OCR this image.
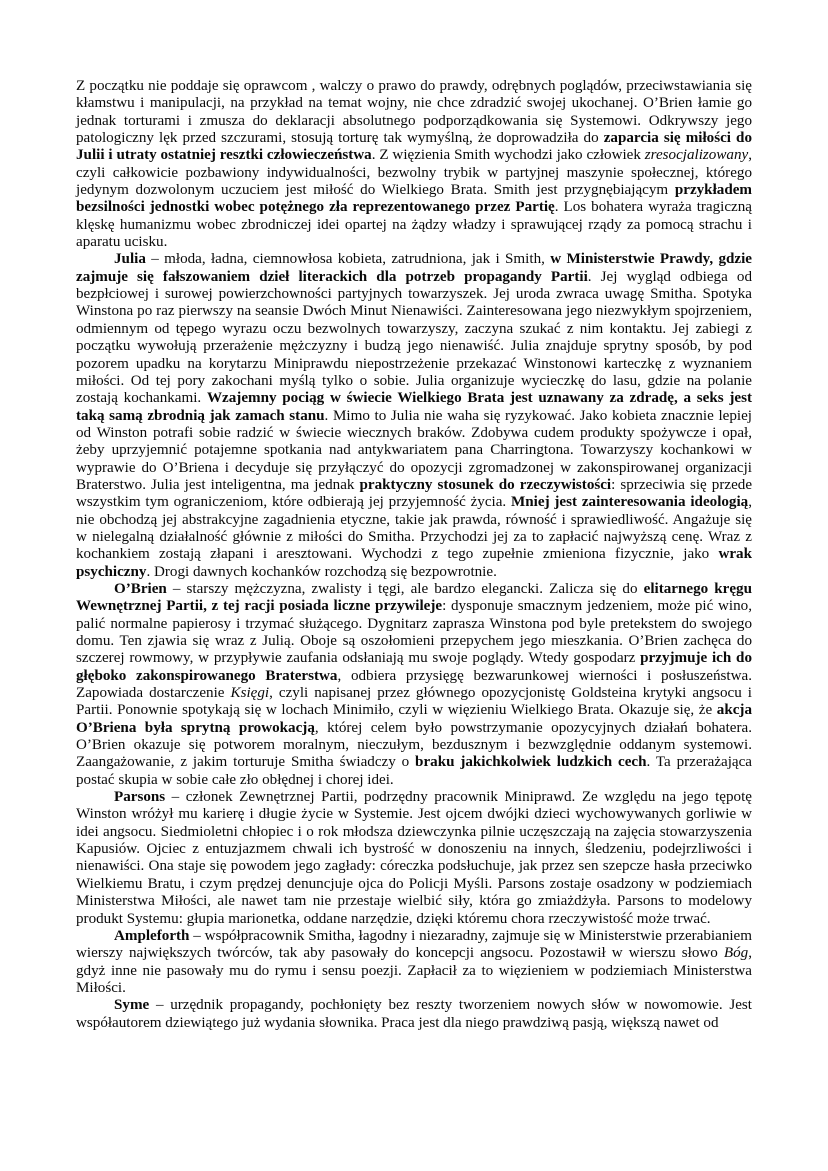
Z początku nie poddaje się oprawcom , walczy o prawo do prawdy, odrębnych poglądów, przeciwstawiania się kłamstwu i manipulacji, na przykład na temat wojny, nie chce zdradzić swojej ukochanej. O’Brien łamie go jednak torturami i zmusza do deklaracji absolutnego podporządkowania się Systemowi. Odkrywszy jego patologiczny lęk przed szczurami, stosują torturę tak wymyślną, że doprowadziła do zaparcia się miłości do Julii i utraty ostatniej resztki człowieczeństwa. Z więzienia Smith wychodzi jako człowiek zresocjalizowany, czyli całkowicie pozbawiony indywidualności, bezwolny trybik w partyjnej maszynie społecznej, którego jedynym dozwolonym uczuciem jest miłość do Wielkiego Brata. Smith jest przygnębiającym przykładem bezsilności jednostki wobec potężnego zła reprezentowanego przez Partię. Los bohatera wyraża tragiczną klęskę humanizmu wobec zbrodniczej idei opartej na żądzy władzy i sprawującej rządy za pomocą strachu i aparatu ucisku.

Julia – młoda, ładna, ciemnowłosa kobieta, zatrudniona, jak i Smith, w Ministerstwie Prawdy, gdzie zajmuje się fałszowaniem dzieł literackich dla potrzeb propagandy Partii. Jej wygląd odbiega od bezpłciowej i surowej powierzchowności partyjnych towarzyszek. Jej uroda zwraca uwagę Smitha. Spotyka Winstona po raz pierwszy na seansie Dwóch Minut Nienawiści. Zainteresowana jego niezwykłym spojrzeniem, odmiennym od tępego wyrazu oczu bezwolnych towarzyszy, zaczyna szukać z nim kontaktu. Jej zabiegi z początku wywołują przerażenie mężczyzny i budzą jego nienawiść. Julia znajduje sprytny sposób, by pod pozorem upadku na korytarzu Miniprawdu niepostrzeżenie przekazać Winstonowi karteczkę z wyznaniem miłości. Od tej pory zakochani myślą tylko o sobie. Julia organizuje wycieczkę do lasu, gdzie na polanie zostają kochankami. Wzajemny pociąg w świecie Wielkiego Brata jest uznawany za zdradę, a seks jest taką samą zbrodnią jak zamach stanu. Mimo to Julia nie waha się ryzykować. Jako kobieta znacznie lepiej od Winston potrafi sobie radzić w świecie wiecznych braków. Zdobywa cudem produkty spożywcze i opał, żeby uprzyjemnić potajemne spotkania nad antykwariatem pana Charringtona. Towarzyszy kochankowi w wyprawie do O’Briena i decyduje się przyłączyć do opozycji zgromadzonej w zakonspirowanej organizacji Braterstwo. Julia jest inteligentna, ma jednak praktyczny stosunek do rzeczywistości: sprzeciwia się przede wszystkim tym ograniczeniom, które odbierają jej przyjemność życia. Mniej jest zainteresowania ideologią, nie obchodzą jej abstrakcyjne zagadnienia etyczne, takie jak prawda, równość i sprawiedliwość. Angażuje się w nielegalną działalność głównie z miłości do Smitha. Przychodzi jej za to zapłacić najwyższą cenę. Wraz z kochankiem zostają złapani i aresztowani. Wychodzi z tego zupełnie zmieniona fizycznie, jako wrak psychiczny. Drogi dawnych kochanków rozchodzą się bezpowrotnie.

O’Brien – starszy mężczyzna, zwalisty i tęgi, ale bardzo elegancki. Zalicza się do elitarnego kręgu Wewnętrznej Partii, z tej racji posiada liczne przywileje: dysponuje smacznym jedzeniem, może pić wino, palić normalne papierosy i trzymać służącego. Dygnitarz zaprasza Winstona pod byle pretekstem do swojego domu. Ten zjawia się wraz z Julią. Oboje są oszołomieni przepychem jego mieszkania. O’Brien zachęca do szczerej rowmowy, w przypływie zaufania odsłaniają mu swoje poglądy. Wtedy gospodarz przyjmuje ich do głęboko zakonspirowanego Braterstwa, odbiera przysięgę bezwarunkowej wierności i posłuszeństwa. Zapowiada dostarczenie Księgi, czyli napisanej przez głównego opozycjonistę Goldsteina krytyki angsocu i Partii. Ponownie spotykają się w lochach Minimiło, czyli w więzieniu Wielkiego Brata. Okazuje się, że akcja O’Briena była sprytną prowokacją, której celem było powstrzymanie opozycyjnych działań bohatera. O’Brien okazuje się potworem moralnym, nieczułym, bezdusznym i bezwzględnie oddanym systemowi. Zaangażowanie, z jakim torturuje Smitha świadczy o braku jakichkolwiek ludzkich cech. Ta przerażająca postać skupia w sobie całe zło obłędnej i chorej idei.

Parsons – członek Zewnętrznej Partii, podrzędny pracownik Miniprawd. Ze względu na jego tępotę Winston wróżył mu karierę i długie życie w Systemie. Jest ojcem dwójki dzieci wychowywanych gorliwie w idei angsocu. Siedmioletni chłopiec i o rok młodsza dziewczynka pilnie uczęszczają na zajęcia stowarzyszenia Kapusiów. Ojciec z entuzjazmem chwali ich bystrość w donoszeniu na innych, śledzeniu, podejrzliwości i nienawiści. Ona staje się powodem jego zagłady: córeczka podsłuchuje, jak przez sen szepcze hasła przeciwko Wielkiemu Bratu, i czym prędzej denuncjuje ojca do Policji Myśli. Parsons zostaje osadzony w podziemiach Ministerstwa Miłości, ale nawet tam nie przestaje wielbić siły, która go zmiażdżyła. Parsons to modelowy produkt Systemu: głupia marionetka, oddane narzędzie, dzięki któremu chora rzeczywistość może trwać.

Ampleforth – współpracownik Smitha, łagodny i niezaradny, zajmuje się w Ministerstwie przerabianiem wierszy największych twórców, tak aby pasowały do koncepcji angsocu. Pozostawił w wierszu słowo Bóg, gdyż inne nie pasowały mu do rymu i sensu poezji. Zapłacił za to więzieniem w podziemiach Ministerstwa Miłości.

Syme – urzędnik propagandy, pochłonięty bez reszty tworzeniem nowych słów w nowomowie. Jest współautorem dziewiątego już wydania słownika. Praca jest dla niego prawdziwą pasją, większą nawet od
